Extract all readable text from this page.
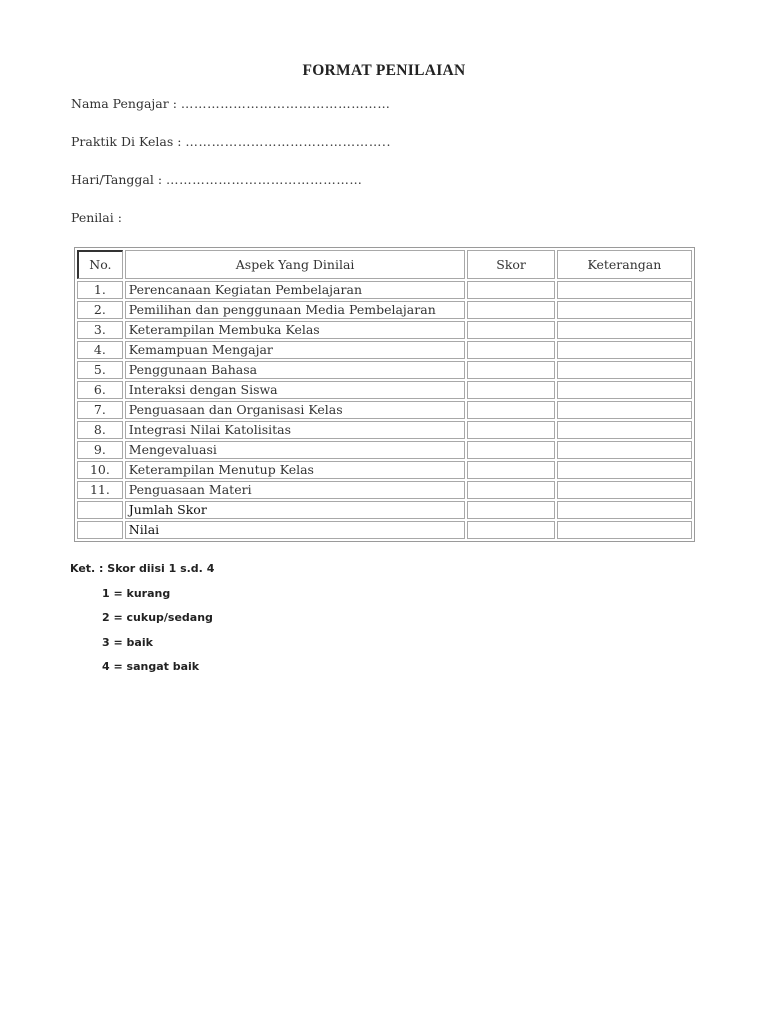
FORMAT PENILAIAN
Nama Pengajar : …………………………………………
Praktik Di Kelas : ………………………………………..
Hari/Tanggal : ………………………………………
Penilai :
No.	Aspek Yang Dinilai	Skor	Keterangan
1.	Perencanaan Kegiatan Pembelajaran		
2.	Pemilihan dan penggunaan Media Pembelajaran		
3.	Keterampilan Membuka Kelas		
4.	Kemampuan Mengajar		
5.	Penggunaan Bahasa		
6.	Interaksi dengan Siswa		
7.	Penguasaan dan Organisasi Kelas		
8.	Integrasi Nilai Katolisitas		
9.	Mengevaluasi		
10.	Keterampilan Menutup Kelas		
11.	Penguasaan Materi		
	Jumlah Skor		
	Nilai		
Ket. : Skor diisi 1 s.d. 4
1 = kurang
2 = cukup/sedang
3 = baik
4 = sangat baik
